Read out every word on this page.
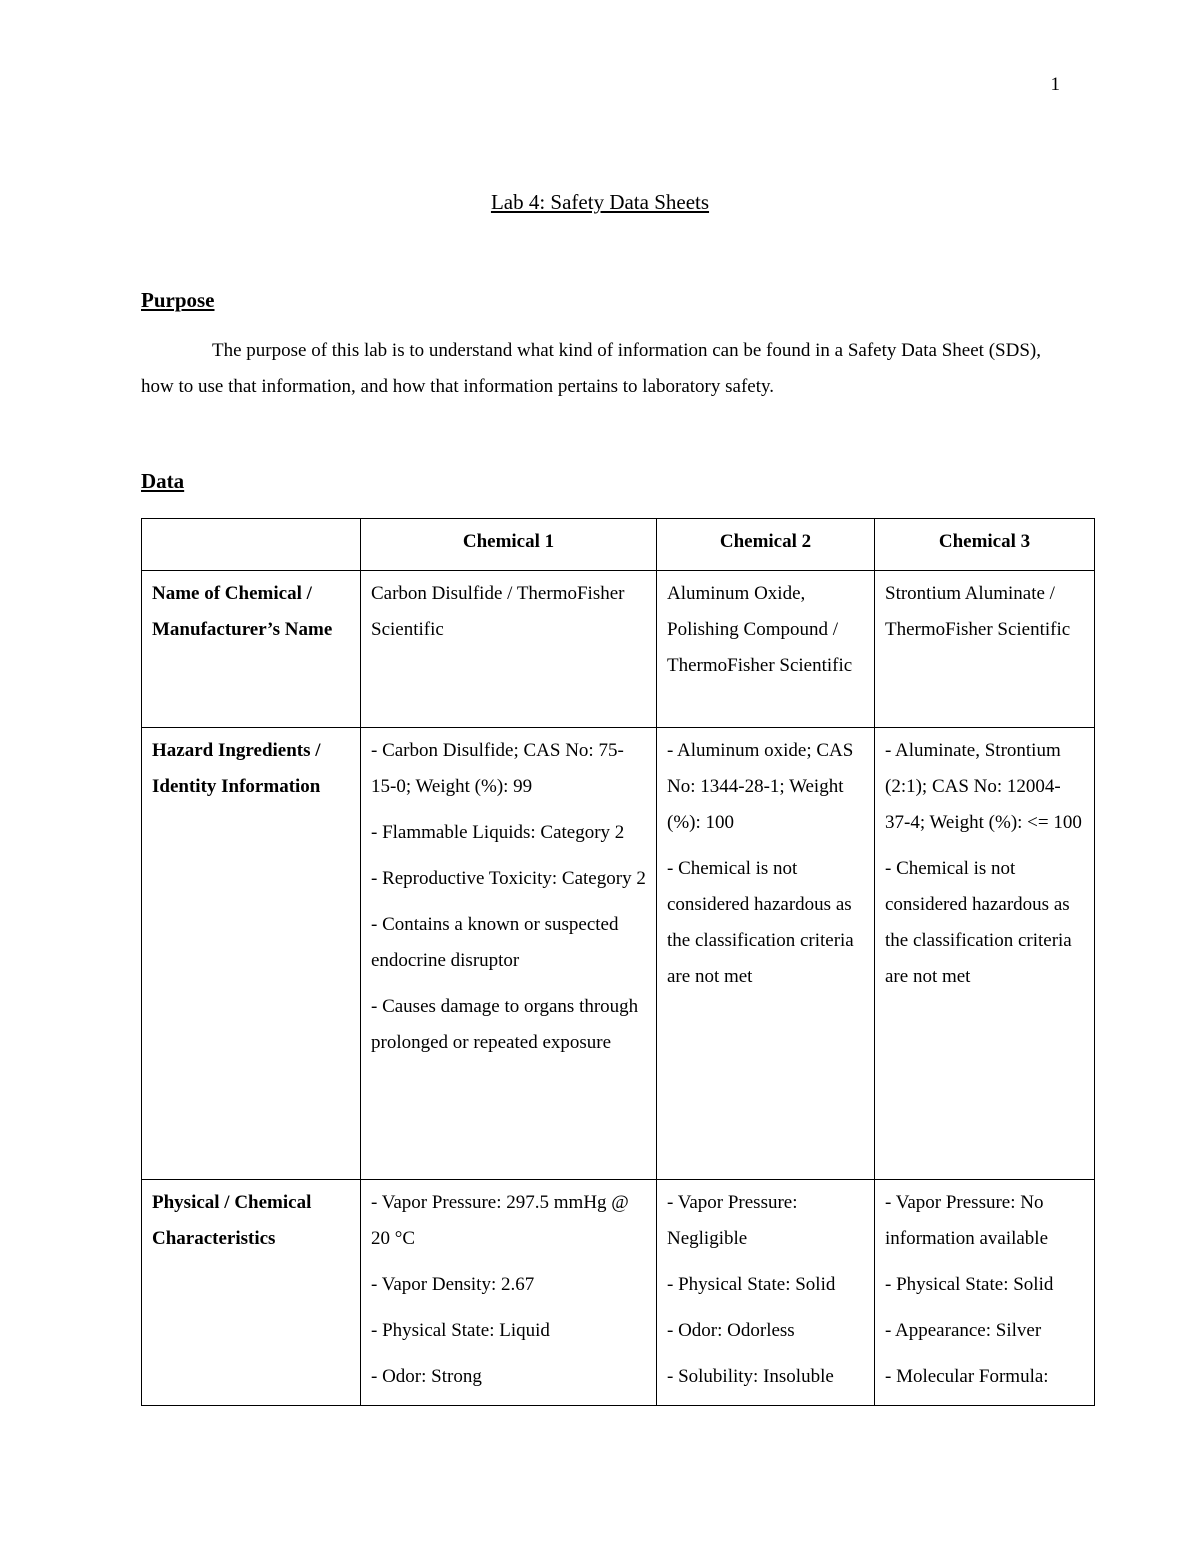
1
Lab 4: Safety Data Sheets
Purpose

The purpose of this lab is to understand what kind of information can be found in a Safety Data Sheet (SDS), how to use that information, and how that information pertains to laboratory safety.

Data
	Chemical 1	Chemical 2	Chemical 3

Name of Chemical /
Manufacturer’s Name	Carbon Disulfide / ThermoFisher Scientific	Aluminum Oxide, Polishing Compound / ThermoFisher Scientific	Strontium Aluminate / ThermoFisher Scientific

Hazard Ingredients /
Identity Information	- Carbon Disulfide; CAS No: 75-15-0; Weight (%): 99
- Flammable Liquids: Category 2
- Reproductive Toxicity: Category 2
- Contains a known or suspected endocrine disruptor
- Causes damage to organs through prolonged or repeated exposure	- Aluminum oxide; CAS No: 1344-28-1; Weight (%): 100
- Chemical is not considered hazardous as the classification criteria are not met	- Aluminate, Strontium (2:1); CAS No: 12004-37-4; Weight (%): <= 100
- Chemical is not considered hazardous as the classification criteria are not met

Physical / Chemical
Characteristics	- Vapor Pressure: 297.5 mmHg @ 20 °C
- Vapor Density: 2.67
- Physical State: Liquid
- Odor: Strong	- Vapor Pressure: Negligible
- Physical State: Solid
- Odor: Odorless
- Solubility: Insoluble	- Vapor Pressure: No information available
- Physical State: Solid
- Appearance: Silver
- Molecular Formula:
